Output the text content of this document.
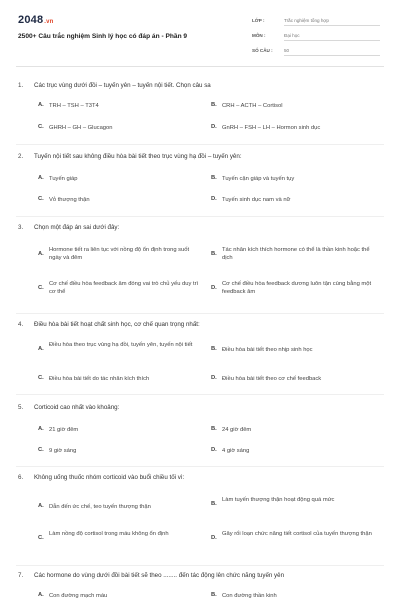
2048.vn
2500+ Câu trắc nghiệm Sinh lý học có đáp án - Phần 9
LỚP :	Trắc nghiệm tổng hợp
MÔN :	Đại học
SỐ CÂU : 50
1. Các trục vùng dưới đồi – tuyến yên – tuyến nội tiết. Chọn câu sa
A. TRH – TSH – T3T4	B. CRH – ACTH – Cortisol
C. GHRH – GH – Glucagon	D. GnRH – FSH – LH – Hormon sinh dục
2. Tuyến nội tiết sau không điều hòa bài tiết theo trục vùng hạ đồi – tuyến yên:
A. Tuyến giáp	B. Tuyến cận giáp và tuyến tụy
C. Vỏ thượng thận	D. Tuyến sinh dục nam và nữ
3. Chọn một đáp án sai dưới đây:
A.
Hormone tiết ra liên tục với nồng độ ổn định trong suốt ngày và đêm
B.
Tác nhân kích thích hormone có thể là thần kinh hoặc thể dịch
C.
Cơ chế điều hòa feedback âm đóng vai trò chủ yếu duy trì cơ thể
D.
Cơ chế điều hòa feedback dương luôn tận cùng bằng một feedback âm
4. Điều hòa bài tiết hoạt chất sinh học, cơ chế quan trọng nhất:
A.
Điều hòa theo trục vùng hạ đồi, tuyến yên, tuyến nội tiết
B. Điều hòa bài tiết theo nhịp sinh học
C. Điều hòa bài tiết do tác nhân kích thích	D. Điều hòa bài tiết theo cơ chế feedback
5. Corticoid cao nhất vào khoảng:
A. 21 giờ đêm	B. 24 giờ đêm
C. 9 giờ sáng	D. 4 giờ sáng
6. Không uống thuốc nhóm corticoid vào buổi chiều tối vì:
A. Dẫn đến ức chế, teo tuyến thượng thận	B.
Làm tuyến thượng thận hoạt động quá mức
C.
Làm nồng độ cortisol trong máu không ổn định
D.
Gây rối loạn chức năng tiết cortisol của tuyến thượng thận
7. Các hormone do vùng dưới đồi bài tiết sẽ theo ........ đến tác động lên chức năng tuyến yên
A. Con đường mạch máu	B. Con đường thần kinh
